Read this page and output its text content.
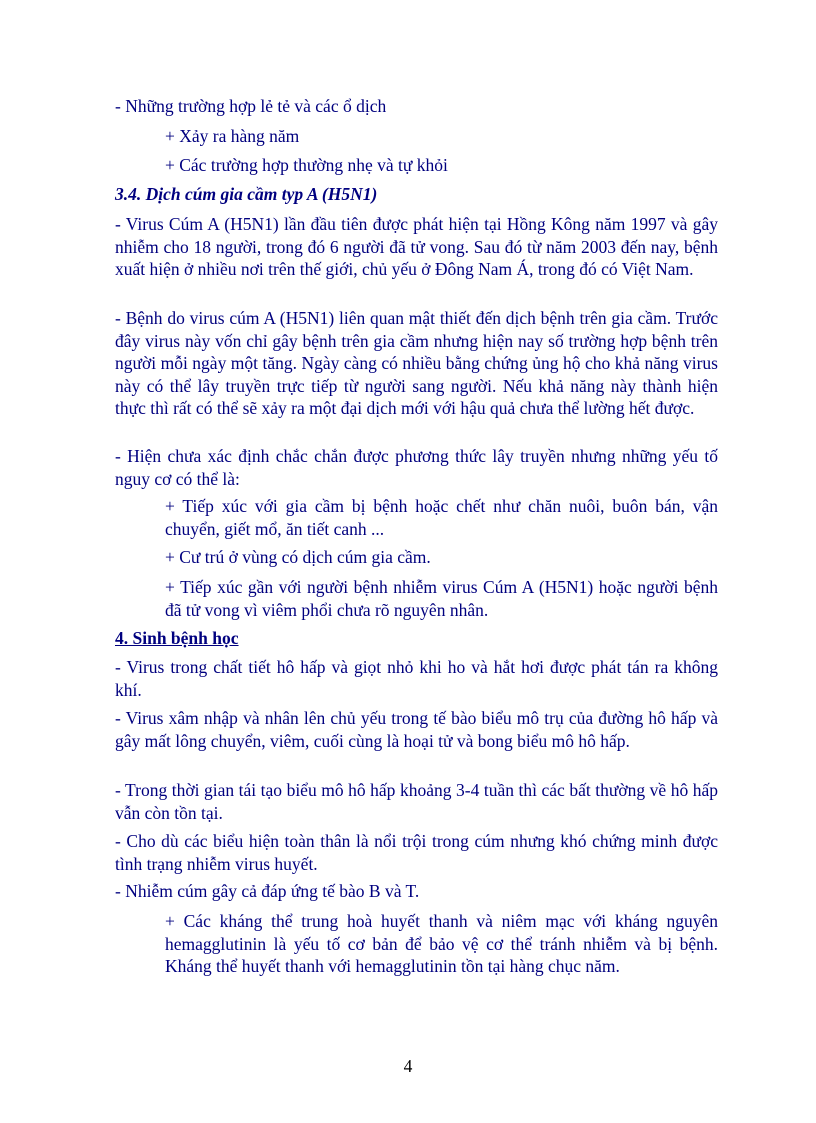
- Những trường hợp lẻ tẻ và các ổ dịch

+ Xảy ra hàng năm

+ Các trường hợp thường nhẹ và tự khỏi

3.4. Dịch cúm gia cầm typ A (H5N1)

- Virus Cúm A (H5N1) lần đầu tiên được phát hiện tại Hồng Kông năm 1997 và gây nhiễm cho 18 người, trong đó 6 người đã tử vong. Sau đó từ năm 2003 đến nay, bệnh xuất hiện ở nhiều nơi trên thế giới, chủ yếu ở Đông Nam Á, trong đó có Việt Nam.

- Bệnh do virus cúm A (H5N1) liên quan mật thiết đến dịch bệnh trên gia cầm. Trước đây virus này vốn chỉ gây bệnh trên gia cầm nhưng hiện nay số trường hợp bệnh trên người mỗi ngày một tăng. Ngày càng có nhiều bằng chứng ủng hộ cho khả năng virus này có thể lây truyền trực tiếp từ người sang người. Nếu khả năng này thành hiện thực thì rất có thể sẽ xảy ra một đại dịch mới với hậu quả chưa thể lường hết được.

- Hiện chưa xác định chắc chắn được phương thức lây truyền nhưng những yếu tố nguy cơ có thể là:

+ Tiếp xúc với gia cầm bị bệnh hoặc chết như chăn nuôi, buôn bán, vận chuyển, giết mổ, ăn tiết canh ...

+ Cư trú ở vùng có dịch cúm gia cầm.

+ Tiếp xúc gần với người bệnh nhiễm virus Cúm A (H5N1) hoặc người bệnh đã tử vong vì viêm phổi chưa rõ nguyên nhân.

4. Sinh bệnh học

- Virus trong chất tiết hô hấp và giọt nhỏ khi ho và hắt hơi được phát tán ra không khí.

- Virus xâm nhập và nhân lên chủ yếu trong tế bào biểu mô trụ của đường hô hấp và gây mất lông chuyển, viêm, cuối cùng là hoại tử và bong biểu mô hô hấp.

- Trong thời gian tái tạo biểu mô hô hấp khoảng 3-4 tuần thì các bất thường về hô hấp vẫn còn tồn tại.

- Cho dù các biểu hiện toàn thân là nổi trội trong cúm nhưng khó chứng minh được tình trạng nhiễm virus huyết.

- Nhiễm cúm gây cả đáp ứng tế bào B và T.

+ Các kháng thể trung hoà huyết thanh và niêm mạc với kháng nguyên hemagglutinin là yếu tố cơ bản để bảo vệ cơ thể tránh nhiễm và bị bệnh. Kháng thể huyết thanh với hemagglutinin tồn tại hàng chục năm.

4
